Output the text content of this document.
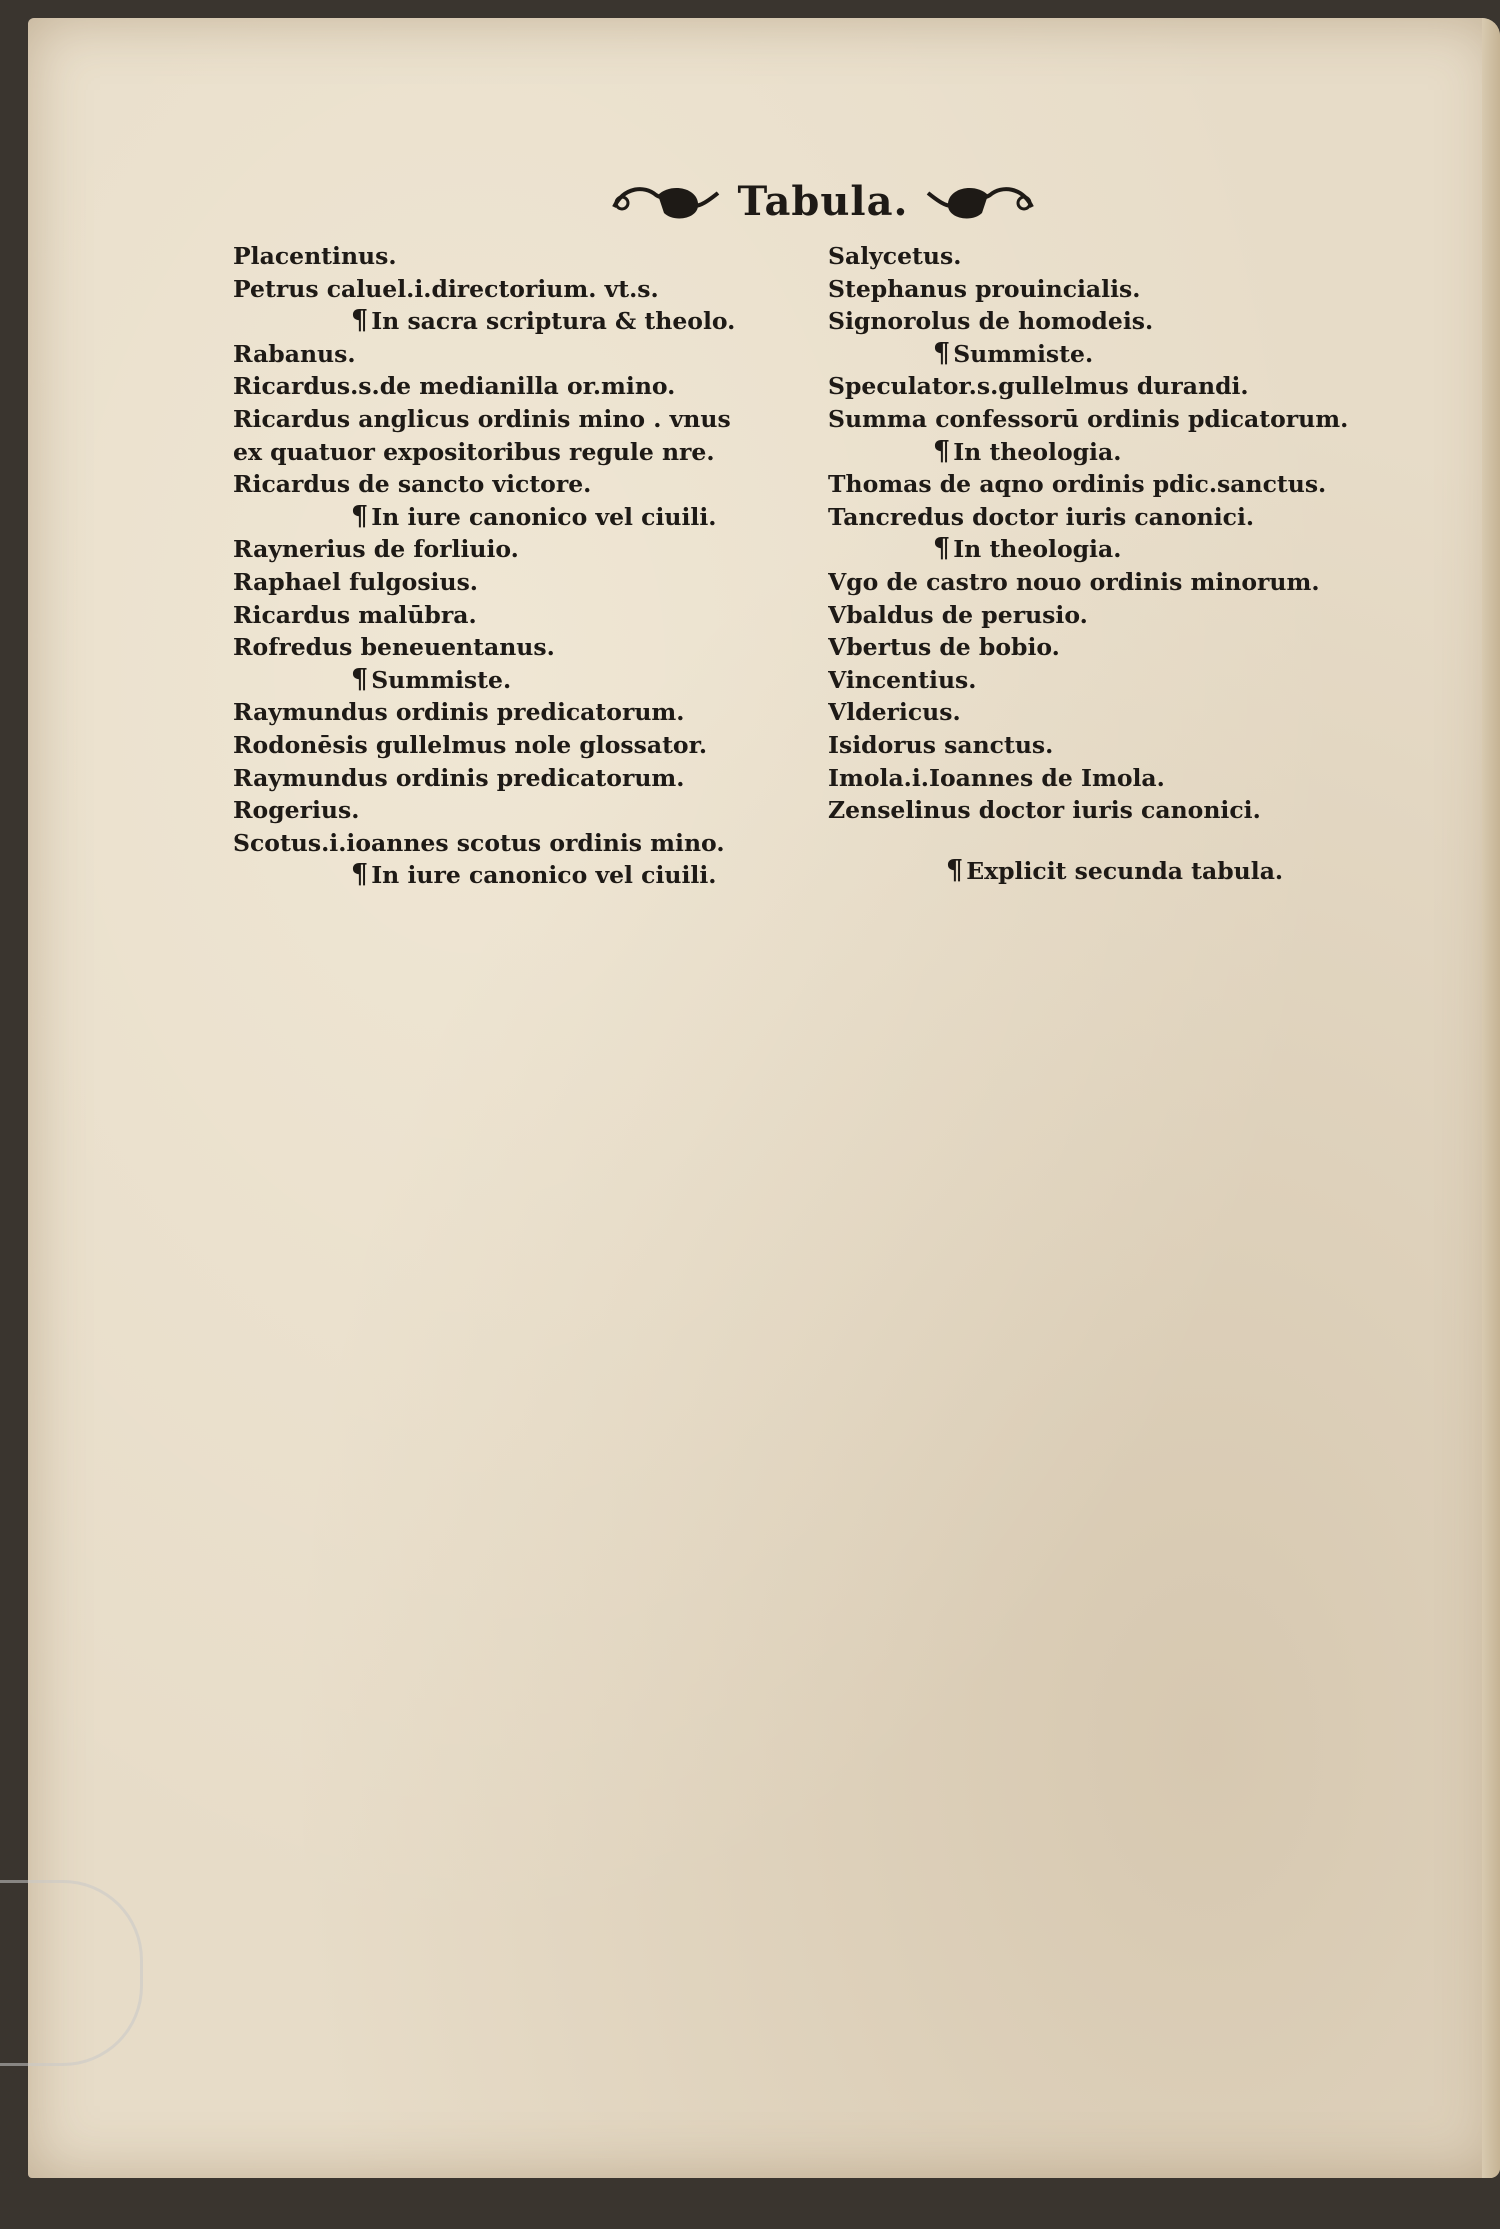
Tabula.
Placentinus.
Petrus caluel.i.directorium. vt.s.
¶ In sacra scriptura & theolo.
Rabanus.
Ricardus.s.de medianilla or.mino.
Ricardus anglicus ordinis mino . vnus
ex quatuor expositoribus regule nre.
Ricardus de sancto victore.
¶ In iure canonico vel ciuili.
Raynerius de forliuio.
Raphael fulgosius.
Ricardus malūbra.
Rofredus beneuentanus.
¶ Summiste.
Raymundus ordinis predicatorum.
Rodonēsis gullelmus nole glossator.
Raymundus ordinis predicatorum.
Rogerius.
Scotus.i.ioannes scotus ordinis mino.
¶ In iure canonico vel ciuili.
Salycetus.
Stephanus prouincialis.
Signorolus de homodeis.
¶ Summiste.
Speculator.s.gullelmus durandi.
Summa confessorū ordinis pdicatorum.
¶ In theologia.
Thomas de aqno ordinis pdic.sanctus.
Tancredus doctor iuris canonici.
¶ In theologia.
Vgo de castro nouo ordinis minorum.
Vbaldus de perusio.
Vbertus de bobio.
Vincentius.
Vldericus.
Isidorus sanctus.
Imola.i.Ioannes de Imola.
Zenselinus doctor iuris canonici.
¶ Explicit secunda tabula.
